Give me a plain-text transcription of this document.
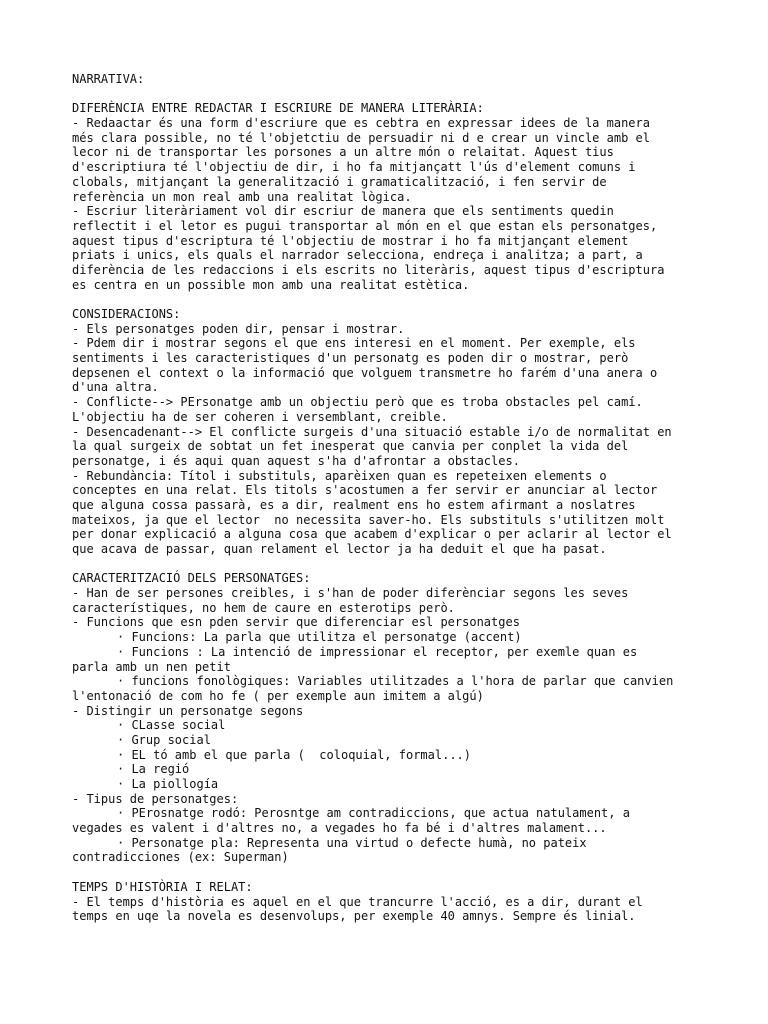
NARRATIVA:
DIFERÈNCIA ENTRE REDACTAR I ESCRIURE DE MANERA LITERÀRIA:
- Redaactar és una form d'escriure que es cebtra en expressar idees de la manera
més clara possible, no té l'objetctiu de persuadir ni d e crear un vincle amb el
lecor ni de transportar les porsones a un altre món o relaitat. Aquest tius
d'escriptiura té l'objectiu de dir, i ho fa mitjançatt l'ús d'element comuns i
clobals, mitjançant la generalització i gramaticalització, i fen servir de
referència un mon real amb una realitat lògica.
- Escriur literàriament vol dir escriur de manera que els sentiments quedin
reflectit i el letor es pugui transportar al món en el que estan els personatges,
aquest tipus d'escriptura té l'objectiu de mostrar i ho fa mitjançant element
priats i unics, els quals el narrador selecciona, endreça i analitza; a part, a
diferència de les redaccions i els escrits no literàris, aquest tipus d'escriptura
es centra en un possible mon amb una realitat estètica.
CONSIDERACIONS:
- Els personatges poden dir, pensar i mostrar.
- Pdem dir i mostrar segons el que ens interesi en el moment. Per exemple, els
sentiments i les caracteristiques d'un personatg es poden dir o mostrar, però
depsenen el context o la informació que volguem transmetre ho farém d'una anera o
d'una altra.
- Conflicte--> PErsonatge amb un objectiu però que es troba obstacles pel camí.
L'objectiu ha de ser coheren i versemblant, creible.
- Desencadenant--> El conflicte surgeis d'una situació estable i/o de normalitat en
la qual surgeix de sobtat un fet inesperat que canvia per conplet la vida del
personatge, i és aqui quan aquest s'ha d'afrontar a obstacles.
- Rebundància: Títol i substituls, aparèixen quan es repeteixen elements o
conceptes en una relat. Els titols s'acostumen a fer servir er anunciar al lector
que alguna cossa passarà, es a dir, realment ens ho estem afirmant a noslatres
mateixos, ja que el lector  no necessita saver-ho. Els substituls s'utilitzen molt
per donar explicació a alguna cosa que acabem d'explicar o per aclarir al lector el
que acava de passar, quan relament el lector ja ha deduit el que ha pasat.
CARACTERITZACIÓ DELS PERSONATGES:
- Han de ser persones creibles, i s'han de poder diferènciar segons les seves
característiques, no hem de caure en esterotips però.
- Funcions que esn pden servir que diferenciar esl personatges
· Funcions: La parla que utilitza el personatge (accent)
· Funcions : La intenció de impressionar el receptor, per exemle quan es
parla amb un nen petit
· funcions fonològiques: Variables utilitzades a l'hora de parlar que canvien
l'entonació de com ho fe ( per exemple aun imitem a algú)
- Distingir un personatge segons
· CLasse social
· Grup social
· EL tó amb el que parla (  coloquial, formal...)
· La regió
· La piollogía
- Tipus de personatges:
· PErosnatge rodó: Perosntge am contradiccions, que actua natulament, a
vegades es valent i d'altres no, a vegades ho fa bé i d'altres malament...
· Personatge pla: Representa una virtud o defecte humà, no pateix
contradicciones (ex: Superman)
TEMPS D'HISTÒRIA I RELAT:
- El temps d'història es aquel en el que trancurre l'acció, es a dir, durant el
temps en uqe la novela es desenvolups, per exemple 40 amnys. Sempre és linial.
